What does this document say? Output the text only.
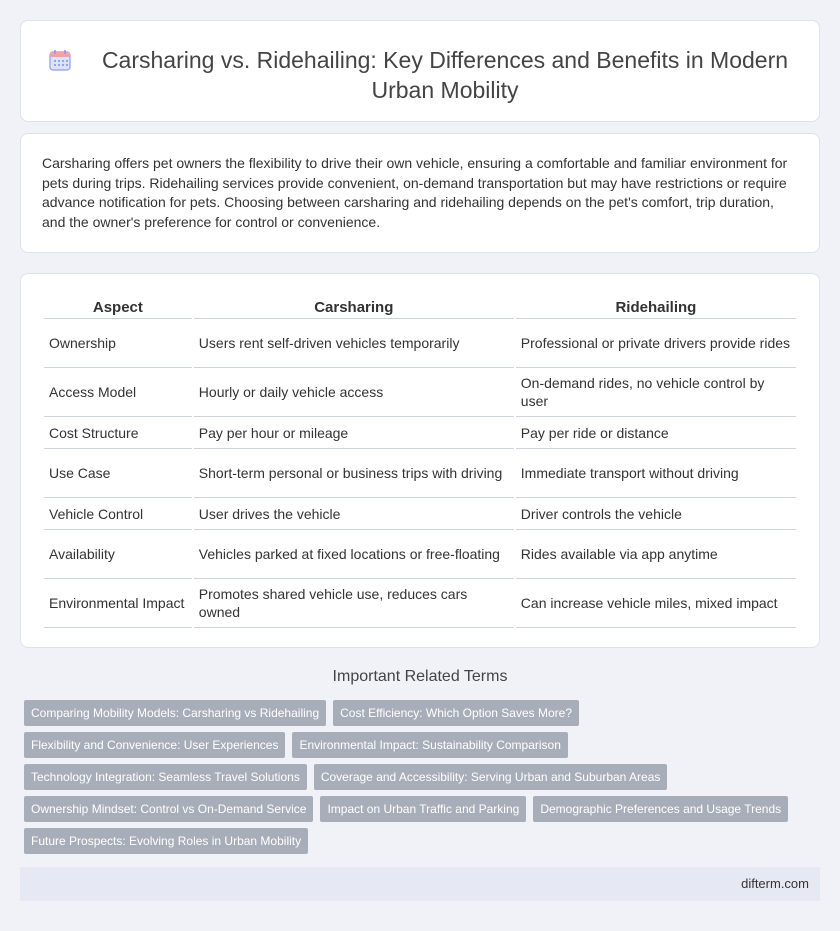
Carsharing vs. Ridehailing: Key Differences and Benefits in Modern Urban Mobility

Carsharing offers pet owners the flexibility to drive their own vehicle, ensuring a comfortable and familiar environment for pets during trips. Ridehailing services provide convenient, on-demand transportation but may have restrictions or require advance notification for pets. Choosing between carsharing and ridehailing depends on the pet's comfort, trip duration, and the owner's preference for control or convenience.

Aspect	Carsharing	Ridehailing
Ownership	Users rent self-driven vehicles temporarily	Professional or private drivers provide rides
Access Model	Hourly or daily vehicle access	On-demand rides, no vehicle control by user
Cost Structure	Pay per hour or mileage	Pay per ride or distance
Use Case	Short-term personal or business trips with driving	Immediate transport without driving
Vehicle Control	User drives the vehicle	Driver controls the vehicle
Availability	Vehicles parked at fixed locations or free-floating	Rides available via app anytime
Environmental Impact	Promotes shared vehicle use, reduces cars owned	Can increase vehicle miles, mixed impact
Important Related Terms
Comparing Mobility Models: Carsharing vs Ridehailing	Cost Efficiency: Which Option Saves More?
Flexibility and Convenience: User Experiences	Environmental Impact: Sustainability Comparison
Technology Integration: Seamless Travel Solutions	Coverage and Accessibility: Serving Urban and Suburban Areas
Ownership Mindset: Control vs On-Demand Service	Impact on Urban Traffic and Parking	Demographic Preferences and Usage Trends
Future Prospects: Evolving Roles in Urban Mobility
difterm.com
